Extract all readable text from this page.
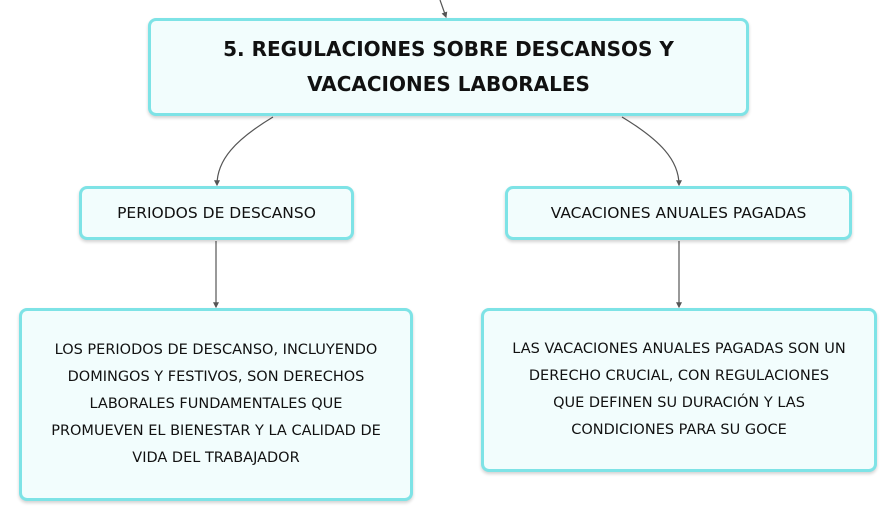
5. REGULACIONES SOBRE DESCANSOS Y
VACACIONES LABORALES
PERIODOS DE DESCANSO	VACACIONES ANUALES PAGADAS
LOS PERIODOS DE DESCANSO, INCLUYENDO
DOMINGOS Y FESTIVOS, SON DERECHOS
LABORALES FUNDAMENTALES QUE
PROMUEVEN EL BIENESTAR Y LA CALIDAD DE
VIDA DEL TRABAJADOR
LAS VACACIONES ANUALES PAGADAS SON UN
DERECHO CRUCIAL, CON REGULACIONES
QUE DEFINEN SU DURACIÓN Y LAS
CONDICIONES PARA SU GOCE
